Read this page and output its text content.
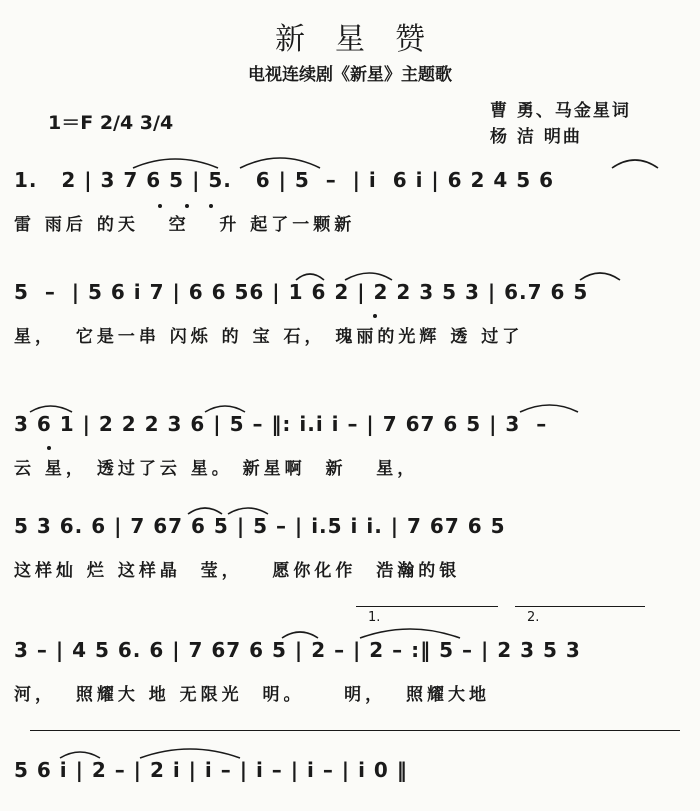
新星赞
电视连续剧《新星》主题歌
1＝F 2/4 3/4
曹 勇、马金星词
杨 洁 明曲
1.   2 | 3 7 6 5 | 5.   6 | 5  –  | i  6 i | 6 2 4 5 6
雷 雨后 的天   空   升 起了一颗新
5  –  | 5 6 i 7 | 6 6 56 | 1 6 2 | 2 2 3 5 3 | 6.7 6 5
星，  它是一串 闪烁 的 宝 石， 瑰丽的光辉 透 过了
3 6 1 | 2 2 2 3 6 | 5 – ‖: i.i i – | 7 67 6 5 | 3  –
云 星， 透过了云 星。 新星啊  新   星，
5 3 6. 6 | 7 67 6 5 | 5 – | i.5 i i. | 7 67 6 5
这样灿 烂 这样晶  莹，   愿你化作  浩瀚的银
1.	2.
3 – | 4 5 6. 6 | 7 67 6 5 | 2 – | 2 – :‖ 5 – | 2 3 5 3
河，  照耀大 地 无限光  明。    明，  照耀大地
5 6 i | 2 – | 2 i | i – | i – | i – | i 0 ‖
